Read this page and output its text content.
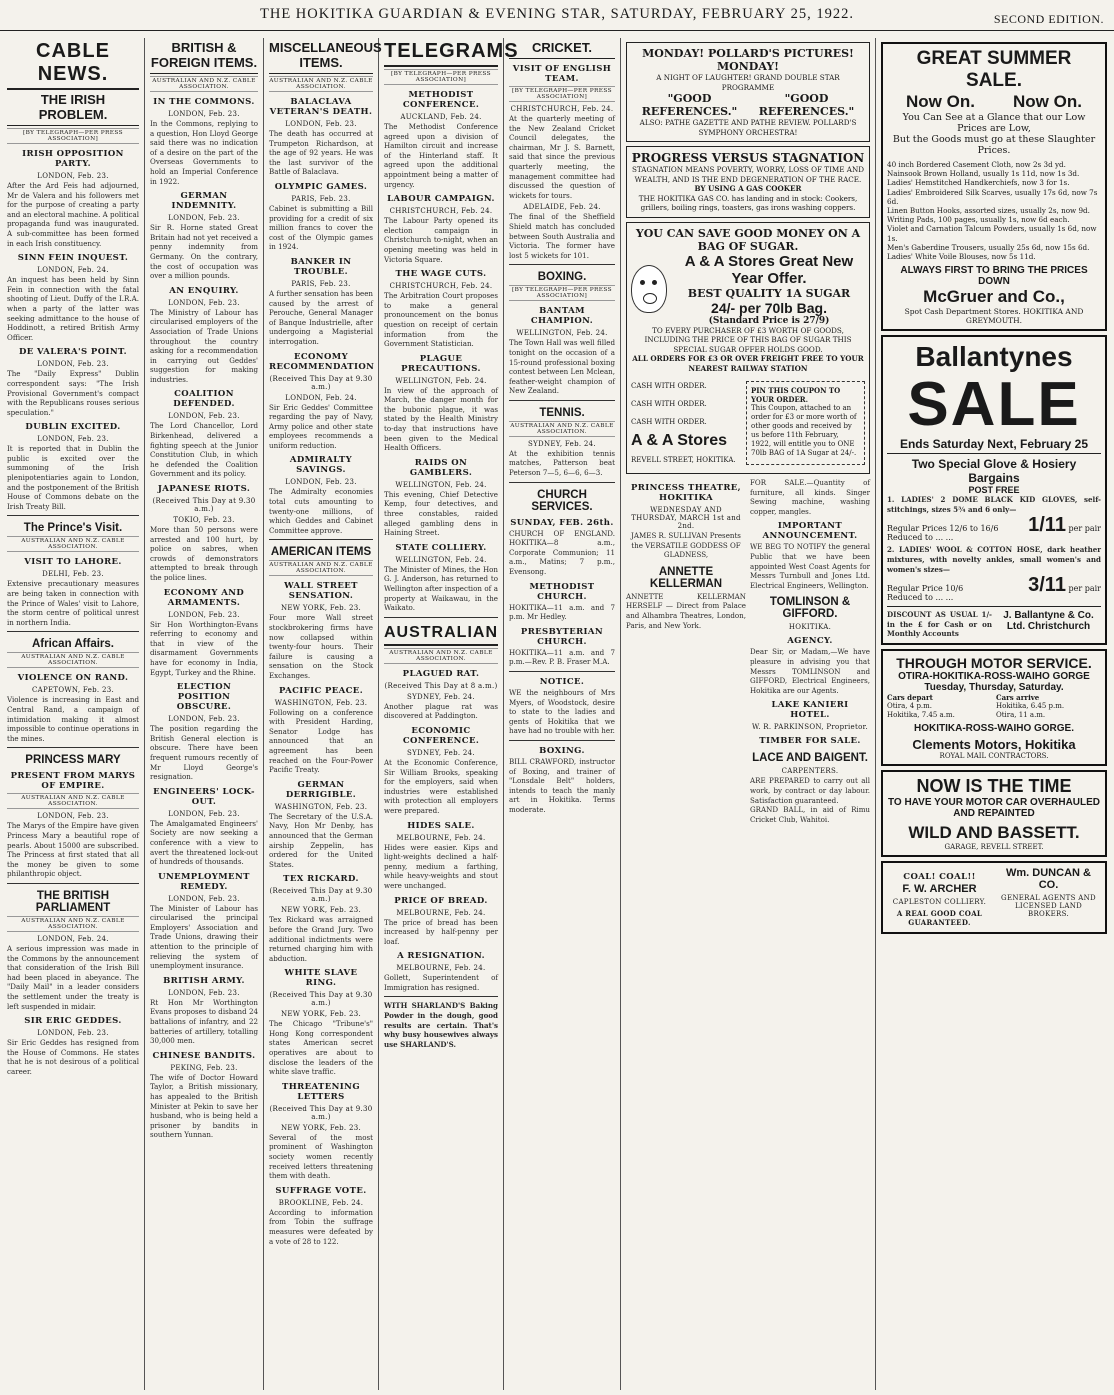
THE HOKITIKA GUARDIAN & EVENING STAR, SATURDAY, FEBRUARY 25, 1922.	SECOND EDITION.
CABLE NEWS.
THE IRISH PROBLEM.
[BY TELEGRAPH—PER PRESS ASSOCIATION]
IRISH OPPOSITION PARTY.
LONDON, Feb. 23.
After the Ard Feis had adjourned, Mr de Valera and his followers met for the purpose of creating a party and an electoral machine. A political propaganda fund was inaugurated. A sub-committee has been formed in each Irish constituency.
SINN FEIN INQUEST.
LONDON, Feb. 24.
An inquest has been held by Sinn Fein in connection with the fatal shooting of Lieut. Duffy of the I.R.A. when a party of the latter was seeking admittance to the house of Hoddinott, a retired British Army Officer.
DE VALERA'S POINT.
LONDON, Feb. 23.
The "Daily Express" Dublin correspondent says: "The Irish Provisional Government's compact with the Republicans rouses serious speculation."
DUBLIN EXCITED.
LONDON, Feb. 23.
It is reported that in Dublin the public is excited over the summoning of the Irish plenipotentiaries again to London, and the postponement of the British House of Commons debate on the Irish Treaty Bill.
The Prince's Visit.
AUSTRALIAN AND N.Z. CABLE ASSOCIATION.
VISIT TO LAHORE.
DELHI, Feb. 23.
Extensive precautionary measures are being taken in connection with the Prince of Wales' visit to Lahore, the storm centre of political unrest in northern India.
African Affairs.
AUSTRALIAN AND N.Z. CABLE ASSOCIATION.
VIOLENCE ON RAND.
CAPETOWN, Feb. 23.
Violence is increasing in East and Central Rand, a campaign of intimidation making it almost impossible to continue operations in the mines.
PRINCESS MARY
PRESENT FROM MARYS OF EMPIRE.
AUSTRALIAN AND N.Z. CABLE ASSOCIATION.
LONDON, Feb. 23.
The Marys of the Empire have given Princess Mary a beautiful rope of pearls. About 15000 are subscribed. The Princess at first stated that all the money be given to some philanthropic object.
THE BRITISH PARLIAMENT
AUSTRALIAN AND N.Z. CABLE ASSOCIATION.
LONDON, Feb. 24.
A serious impression was made in the Commons by the announcement that consideration of the Irish Bill had been placed in abeyance. The "Daily Mail" in a leader considers the settlement under the treaty is left suspended in midair.
SIR ERIC GEDDES.
LONDON, Feb. 23.
Sir Eric Geddes has resigned from the House of Commons. He states that he is not desirous of a political career.
BRITISH & FOREIGN ITEMS.
AUSTRALIAN AND N.Z. CABLE ASSOCIATION.
IN THE COMMONS.
LONDON, Feb. 23.
In the Commons, replying to a question, Hon Lloyd George said there was no indication of a desire on the part of the Overseas Governments to hold an Imperial Conference in 1922.
GERMAN INDEMNITY.
LONDON, Feb. 23.
Sir R. Horne stated Great Britain had not yet received a penny indemnity from Germany. On the contrary, the cost of occupation was over a million pounds.
AN ENQUIRY.
LONDON, Feb. 23.
The Ministry of Labour has circularised employers of the Association of Trade Unions throughout the country asking for a recommendation in carrying out Geddes' suggestion for making industries.
COALITION DEFENDED.
LONDON, Feb. 23.
The Lord Chancellor, Lord Birkenhead, delivered a fighting speech at the Junior Constitution Club, in which he defended the Coalition Government and its policy.
JAPANESE RIOTS.
(Received This Day at 9.30 a.m.)
TOKIO, Feb. 23.
More than 50 persons were arrested and 100 hurt, by police on sabres, when crowds of demonstrators attempted to break through the police lines.
ECONOMY AND ARMAMENTS.
LONDON, Feb. 23.
Sir Hon Worthington-Evans referring to economy and that in view of the disarmament Governments have for economy in India, Egypt, Turkey and the Rhine.
ELECTION POSITION OBSCURE.
LONDON, Feb. 23.
The position regarding the British General election is obscure. There have been frequent rumours recently of Mr Lloyd George's resignation.
ENGINEERS' LOCK-OUT.
LONDON, Feb. 23.
The Amalgamated Engineers' Society are now seeking a conference with a view to avert the threatened lock-out of hundreds of thousands.
UNEMPLOYMENT REMEDY.
LONDON, Feb. 23.
The Minister of Labour has circularised the principal Employers' Association and Trade Unions, drawing their attention to the principle of relieving the system of unemployment insurance.
BRITISH ARMY.
LONDON, Feb. 23.
Rt Hon Mr Worthington Evans proposes to disband 24 battalions of infantry, and 22 batteries of artillery, totalling 30,000 men.
CHINESE BANDITS.
PEKING, Feb. 23.
The wife of Doctor Howard Taylor, a British missionary, has appealed to the British Minister at Pekin to save her husband, who is being held a prisoner by bandits in southern Yunnan.
MISCELLANEOUS ITEMS.
AUSTRALIAN AND N.Z. CABLE ASSOCIATION.
BALACLAVA VETERAN'S DEATH.
LONDON, Feb. 23.
The death has occurred at Trumpeton Richardson, at the age of 92 years. He was the last survivor of the Battle of Balaclava.
OLYMPIC GAMES.
PARIS, Feb. 23.
Cabinet is submitting a Bill providing for a credit of six million francs to cover the cost of the Olympic games in 1924.
BANKER IN TROUBLE.
PARIS, Feb. 23.
A further sensation has been caused by the arrest of Perouche, General Manager of Banque Industrielle, after undergoing a Magisterial interrogation.
ECONOMY RECOMMENDATION
(Received This Day at 9.30 a.m.)
LONDON, Feb. 24.
Sir Eric Geddes' Committee regarding the pay of Navy, Army police and other state employees recommends a uniform reduction.
ADMIRALTY SAVINGS.
LONDON, Feb. 23.
The Admiralty economies total cuts amounting to twenty-one millions, of which Geddes and Cabinet Committee approve.
AMERICAN ITEMS
AUSTRALIAN AND N.Z. CABLE ASSOCIATION.
WALL STREET SENSATION.
NEW YORK, Feb. 23.
Four more Wall street stockbrokering firms have now collapsed within twenty-four hours. Their failure is causing a sensation on the Stock Exchanges.
PACIFIC PEACE.
WASHINGTON, Feb. 23.
Following on a conference with President Harding, Senator Lodge has announced that an agreement has been reached on the Four-Power Pacific Treaty.
GERMAN DERRIGIBLE.
WASHINGTON, Feb. 23.
The Secretary of the U.S.A. Navy, Hon Mr Denby, has announced that the German airship Zeppelin, has ordered for the United States.
TEX RICKARD.
(Received This Day at 9.30 a.m.)
NEW YORK, Feb. 23.
Tex Rickard was arraigned before the Grand Jury. Two additional indictments were returned charging him with abduction.
WHITE SLAVE RING.
(Received This Day at 9.30 a.m.)
NEW YORK, Feb. 23.
The Chicago "Tribune's" Hong Kong correspondent states American secret operatives are about to disclose the leaders of the white slave traffic.
THREATENING LETTERS
(Received This Day at 9.30 a.m.)
NEW YORK, Feb. 23.
Several of the most prominent of Washington society women recently received letters threatening them with death.
SUFFRAGE VOTE.
BROOKLINE, Feb. 24.
According to information from Tobin the suffrage measures were defeated by a vote of 28 to 122.
TELEGRAMS
[BY TELEGRAPH—PER PRESS ASSOCIATION]
METHODIST CONFERENCE.
AUCKLAND, Feb. 24.
The Methodist Conference agreed upon a division of Hamilton circuit and increase of the Hinterland staff. It agreed upon the additional appointment being a matter of urgency.
LABOUR CAMPAIGN.
CHRISTCHURCH, Feb. 24.
The Labour Party opened its election campaign in Christchurch to-night, when an opening meeting was held in Victoria Square.
THE WAGE CUTS.
CHRISTCHURCH, Feb. 24.
The Arbitration Court proposes to make a general pronouncement on the bonus question on receipt of certain information from the Government Statistician.
PLAGUE PRECAUTIONS.
WELLINGTON, Feb. 24.
In view of the approach of March, the danger month for the bubonic plague, it was stated by the Health Ministry to-day that instructions have been given to the Medical Health Officers.
RAIDS ON GAMBLERS.
WELLINGTON, Feb. 24.
This evening, Chief Detective Kemp, four detectives, and three constables, raided alleged gambling dens in Haining Street.
STATE COLLIERY.
WELLINGTON, Feb. 24.
The Minister of Mines, the Hon G. J. Anderson, has returned to Wellington after inspection of a property at Waikawau, in the Waikato.
AUSTRALIAN
AUSTRALIAN AND N.Z. CABLE ASSOCIATION.
PLAGUED RAT.
(Received This Day at 8 a.m.)
SYDNEY, Feb. 24.
Another plague rat was discovered at Paddington.
ECONOMIC CONFERENCE.
SYDNEY, Feb. 24.
At the Economic Conference, Sir William Brooks, speaking for the employers, said when industries were established with protection all employers were prepared.
HIDES SALE.
MELBOURNE, Feb. 24.
Hides were easier. Kips and light-weights declined a half-penny, medium a farthing, while heavy-weights and stout were unchanged.
PRICE OF BREAD.
MELBOURNE, Feb. 24.
The price of bread has been increased by half-penny per loaf.
A RESIGNATION.
MELBOURNE, Feb. 24.
Gollett, Superintendent of Immigration has resigned.
WITH SHARLAND'S Baking Powder in the dough, good results are certain. That's why busy housewives always use SHARLAND'S.
CRICKET.
VISIT OF ENGLISH TEAM.
[BY TELEGRAPH—PER PRESS ASSOCIATION]
CHRISTCHURCH, Feb. 24.
At the quarterly meeting of the New Zealand Cricket Council delegates, the chairman, Mr J. S. Barnett, said that since the previous quarterly meeting, the management committee had discussed the question of wickets for tours.
ADELAIDE, Feb. 24.
The final of the Sheffield Shield match has concluded between South Australia and Victoria. The former have lost 5 wickets for 101.
BOXING.
[BY TELEGRAPH—PER PRESS ASSOCIATION]
BANTAM CHAMPION.
WELLINGTON, Feb. 24.
The Town Hall was well filled tonight on the occasion of a 15-round professional boxing contest between Len Mclean, feather-weight champion of New Zealand.
TENNIS.
AUSTRALIAN AND N.Z. CABLE ASSOCIATION.
SYDNEY, Feb. 24.
At the exhibition tennis matches, Patterson beat Peterson 7—5, 6—6, 6—3.
CHURCH SERVICES.
SUNDAY, FEB. 26th.
CHURCH OF ENGLAND. HOKITIKA—8 a.m., Corporate Communion; 11 a.m., Matins; 7 p.m., Evensong.
METHODIST CHURCH.
HOKITIKA—11 a.m. and 7 p.m. Mr Hedley.
PRESBYTERIAN CHURCH.
HOKITIKA—11 a.m. and 7 p.m.—Rev. P. B. Fraser M.A.
NOTICE.
WE the neighbours of Mrs Myers, of Woodstock, desire to state to the ladies and gents of Hokitika that we have had no trouble with her.
BOXING.
BILL CRAWFORD, instructor of Boxing, and trainer of "Lonsdale Belt" holders, intends to teach the manly art in Hokitika. Terms moderate.
MONDAY! POLLARD'S PICTURES! MONDAY!
A NIGHT OF LAUGHTER! GRAND DOUBLE STAR PROGRAMME
"GOOD REFERENCES."
"GOOD REFERENCES."
ALSO: PATHE GAZETTE AND PATHE REVIEW. POLLARD'S SYMPHONY ORCHESTRA!
PROGRESS VERSUS STAGNATION
STAGNATION MEANS POVERTY, WORRY, LOSS OF TIME AND WEALTH, AND IS THE END DEGENERATION OF THE RACE.
BY USING A GAS COOKER
THE HOKITIKA GAS CO. has landing and in stock: Cookers, grillers, boiling rings, toasters, gas irons washing coppers.
YOU CAN SAVE GOOD MONEY ON A BAG OF SUGAR.
A & A Stores Great New Year Offer.
BEST QUALITY 1A SUGAR
24/- per 70lb Bag.
(Standard Price is 27/9)
TO EVERY PURCHASER OF £3 WORTH OF GOODS, INCLUDING THE PRICE OF THIS BAG OF SUGAR THIS SPECIAL SUGAR OFFER HOLDS GOOD.
ALL ORDERS FOR £3 OR OVER FREIGHT FREE TO YOUR NEAREST RAILWAY STATION
CASH WITH ORDER.
CASH WITH ORDER.
CASH WITH ORDER.
A & A Stores
REVELL STREET, HOKITIKA.
PIN THIS COUPON TO YOUR ORDER.
This Coupon, attached to an order for £3 or more worth of other goods and received by us before 11th February, 1922, will entitle you to ONE 70lb BAG of 1A Sugar at 24/-.
PRINCESS THEATRE, HOKITIKA
WEDNESDAY AND THURSDAY, MARCH 1st and 2nd.
JAMES R. SULLIVAN Presents the VERSATILE GODDESS OF GLADNESS,
ANNETTE KELLERMAN
ANNETTE KELLERMAN HERSELF — Direct from Palace and Alhambra Theatres, London, Paris, and New York.
FOR SALE.—Quantity of furniture, all kinds. Singer Sewing machine, washing copper, mangles.
IMPORTANT ANNOUNCEMENT.
WE BEG TO NOTIFY the general Public that we have been appointed West Coast Agents for Messrs Turnbull and Jones Ltd. Electrical Engineers, Wellington.
TOMLINSON & GIFFORD.
HOKITIKA.
AGENCY.
Dear Sir, or Madam,—We have pleasure in advising you that Messrs TOMLINSON and GIFFORD, Electrical Engineers, Hokitika are our Agents.
LAKE KANIERI HOTEL.
W. R. PARKINSON, Proprietor.
TIMBER FOR SALE.
LACE AND BAIGENT.
CARPENTERS.
ARE PREPARED to carry out all work, by contract or day labour. Satisfaction guaranteed.
GRAND BALL, in aid of Rimu Cricket Club, Wahitoi.
GREAT SUMMER SALE.
Now On. Now On.
You Can See at a Glance that our Low Prices are Low,
But the Goods must go at these Slaughter Prices.
40 inch Bordered Casement Cloth, now 2s 3d yd.
Nainsook Brown Holland, usually 1s 11d, now 1s 3d.
Ladies' Hemstitched Handkerchiefs, now 3 for 1s.
Ladies' Embroidered Silk Scarves, usually 17s 6d, now 7s 6d.
Linen Button Hooks, assorted sizes, usually 2s, now 9d.
Writing Pads, 100 pages, usually 1s, now 6d each.
Violet and Carnation Talcum Powders, usually 1s 6d, now 1s.
Men's Gaberdine Trousers, usually 25s 6d, now 15s 6d.
Ladies' White Voile Blouses, now 5s 11d.
ALWAYS FIRST TO BRING THE PRICES DOWN
McGruer and Co.,
Spot Cash Department Stores. HOKITIKA AND GREYMOUTH.
Ballantynes
SALE
Ends Saturday Next, February 25
Two Special Glove & Hosiery Bargains
POST FREE
1. LADIES' 2 DOME BLACK KID GLOVES, self-stitchings, sizes 5¾ and 6 only—
Regular Prices 12/6 to 16/6
Reduced to ... ...
1/11 per pair
2. LADIES' WOOL & COTTON HOSE, dark heather mixtures, with novelty ankles, small women's and women's sizes—
Regular Price 10/6
Reduced to ... ...
3/11 per pair
DISCOUNT AS USUAL 1/- in the £ for Cash or on Monthly Accounts
J. Ballantyne & Co. Ltd. Christchurch
THROUGH MOTOR SERVICE.
OTIRA-HOKITIKA-ROSS-WAIHO GORGE
Tuesday, Thursday, Saturday.
Cars depart
Otira, 4 p.m.
Hokitika, 7.45 a.m.
Cars arrive
Hokitika, 6.45 p.m.
Otira, 11 a.m.
HOKITIKA-ROSS-WAIHO GORGE.
Clements Motors, Hokitika
ROYAL MAIL CONTRACTORS.
NOW IS THE TIME
TO HAVE YOUR MOTOR CAR OVERHAULED AND REPAINTED
WILD AND BASSETT.
GARAGE, REVELL STREET.
COAL! COAL!!
F. W. ARCHER
CAPLESTON COLLIERY.
A REAL GOOD COAL GUARANTEED.
Wm. DUNCAN & CO.
GENERAL AGENTS AND LICENSED LAND BROKERS.
